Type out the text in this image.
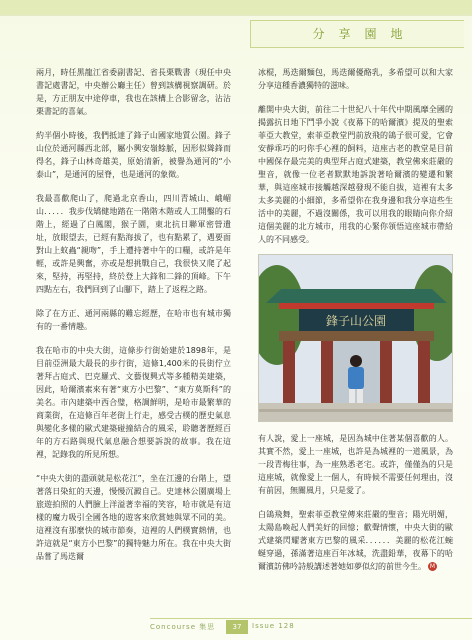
分享園地

兩月，時任黑龍江省委副書記、省長栗戰書（現任中央書記處書記，中央辦公廳主任）曾到該構視察調研。於是，方正朋友中途停車，我也在該構上合影留念，沾沾栗書記的喜氣。

約半個小時後，我們抵達了鋒子山國家地質公園。鋒子山位於通河縣西北部，屬小興安嶺餘脈，因形似聳鋒而得名，鋒子山林奇雄美，原始清新，被譽為通河的“小泰山”，是通河的屋脊，也是通河的象徵。

我最喜歡爬山了，爬過北京香山，四川青城山、峨嵋山．．．．．我步伐矯健地踏在一階階木階或人工開鑿的石階上，經過了白鳳閣，猴子園，東北抗日聯軍密營遺址，放眼望去，已經有點海拔了，也有點累了，遇要面對山上蚊蟲“親吻”，手上遭持著中午的口糧，或許是年輕，或許是興奮，亦或是想挑戰自己，我很快又爬了起來，堅持，再堅持，終於登上大鋒和二鋒的頂峰。下午四點左右，我們回到了山腳下，踏上了返程之路。

除了在方正、通河兩縣的難忘經歷，在哈市也有城市獨有的一番情趣。

我在哈市的中央大街，這條步行街始建於1898年，是目前亞洲最大最長的步行街，這條1,400米的長街佇立著拜占庭式、巴克羅式、文藝復興式等多種精美建築，因此，哈爾濱素來有著“東方小巴黎”、“東方莫斯科”的美名。市內建築中西合璧，格調鮮明，是哈市最繁華的商業街，在這條百年老街上行走，感受古樸的歷史氣息與變化多樣的歐式建築碰撞結合的風采，聆聽著歷經百年的方石路與現代氣息融合想要訴說的故事。我在這裡，記錄我的所見所想。

“中央大街的盡頭就是松花江”，坐在江邊的台階上，望著落日染紅的天邊，慢慢沉澱自己。史達林公園廣場上旅遊拍照的人們臉上洋溢著幸福的笑容，哈市就是有這樣的魔力吸引全國各地的遊客來欣賞她與眾不同的美。這裡沒有那麼快的城市節奏，這裡的人們樸實熱情，也許這就是“東方小巴黎”的獨特魅力所在。我在中央大街品嘗了馬迭爾

冰棍，馬迭爾麵包，馬迭爾優酪乳，多希望可以和大家分享這種香濃獨特的滋味。

離開中央大街，前往二十世紀八十年代中期風靡全國的揭露抗日地下鬥爭小說《夜幕下的哈爾濱》提及的聖索菲亞大教堂，索菲亞教堂門前放飛的鴿子很可愛，它會安靜乖巧的叼你手心裡的飼料，這座古老的教堂是目前中國保存最完美的典型拜占庭式建築，教堂佛來莊嚴的聖音，就像一位老者默默地訴說著哈爾濱的變遷和繁華，與這座城市接觸越深越發現不能自拔，這裡有太多太多美麗的小細節，多希望你在我身邊和我分享這些生活中的美麗，不過沒關係，我可以用我的眼睛向你介紹這個美麗的北方城市，用我的心緊你領悟這座城市帶給人的不同感受。

鋒子山公園

有人說，愛上一座城，是因為城中住著某個喜歡的人。其實不然，愛上一座城，也許是為城裡的一道風景，為一段青梅往事，為一座熟悉老宅。或許，僅僅為的只是這座城，就像愛上一個人，有時候不需要任何理由，沒有前因，無關風月，只是愛了。

白鴿飛舞，聖索菲亞教堂傳來莊嚴的聖音；陽光明媚，太陽島喚起人們美好的回憶；歡聲情懷，中央大街的歐式建築閃耀著東方巴黎的風采．．．．．．美麗的松花江蜿蜒穿過，孫滿著這座百年冰城，洗盡鉛華，夜幕下的哈爾濱訪佛吟詩般講述著她如夢似幻的前世今生。 M

Concourse 集思	37	Issue 128
